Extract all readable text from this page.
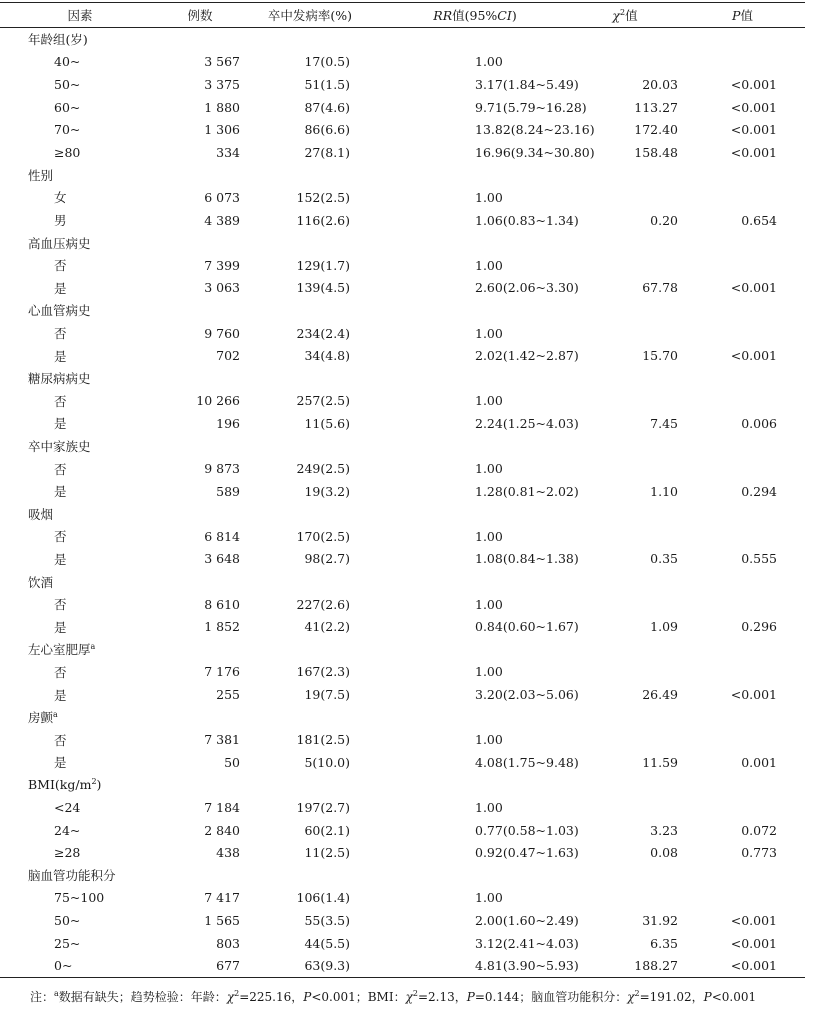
因素	例数	卒中发病率(%)	RR值(95%CI)	$\chi^2$值	P值
年龄组(岁)					
40~	3 567	17(0.5)	1.00		
50~	3 375	51(1.5)	3.17(1.84~5.49)	20.03	<0.001
60~	1 880	87(4.6)	9.71(5.79~16.28)	113.27	<0.001
70~	1 306	86(6.6)	13.82(8.24~23.16)	172.40	<0.001
≥80	334	27(8.1)	16.96(9.34~30.80)	158.48	<0.001
性别					
女	6 073	152(2.5)	1.00		
男	4 389	116(2.6)	1.06(0.83~1.34)	0.20	0.654
高血压病史					
否	7 399	129(1.7)	1.00		
是	3 063	139(4.5)	2.60(2.06~3.30)	67.78	<0.001
心血管病史					
否	9 760	234(2.4)	1.00		
是	702	34(4.8)	2.02(1.42~2.87)	15.70	<0.001
糖尿病病史					
否	10 266	257(2.5)	1.00		
是	196	11(5.6)	2.24(1.25~4.03)	7.45	0.006
卒中家族史					
否	9 873	249(2.5)	1.00		
是	589	19(3.2)	1.28(0.81~2.02)	1.10	0.294
吸烟					
否	6 814	170(2.5)	1.00		
是	3 648	98(2.7)	1.08(0.84~1.38)	0.35	0.555
饮酒					
否	8 610	227(2.6)	1.00		
是	1 852	41(2.2)	0.84(0.60~1.67)	1.09	0.296
左心室肥厚$^a$
否	7 176	167(2.3)	1.00		
是	255	19(7.5)	3.20(2.03~5.06)	26.49	<0.001
房颤$^a$
否	7 381	181(2.5)	1.00		
是	50	5(10.0)	4.08(1.75~9.48)	11.59	0.001
$BMI(kg/m^2)$					
<24	7 184	197(2.7)	1.00		
24~	2 840	60(2.1)	0.77(0.58~1.03)	3.23	0.072
≥28	438	11(2.5)	0.92(0.47~1.63)	0.08	0.773
脑血管功能积分					
75~100	7 417	106(1.4)	1.00		
50~	1 565	55(3.5)	2.00(1.60~2.49)	31.92	<0.001
25~	803	44(5.5)	3.12(2.41~4.03)	6.35	<0.001
0~	677	63(9.3)	4.81(3.90~5.93)	188.27	<0.001
注：$^a$数据有缺失；趋势检验：年龄：$\chi^2=225.16$，P<0.001；BMI：$\chi^2=2.13$，P=0.144；脑血管功能积分：$\chi^2=191.02$，P<0.001
